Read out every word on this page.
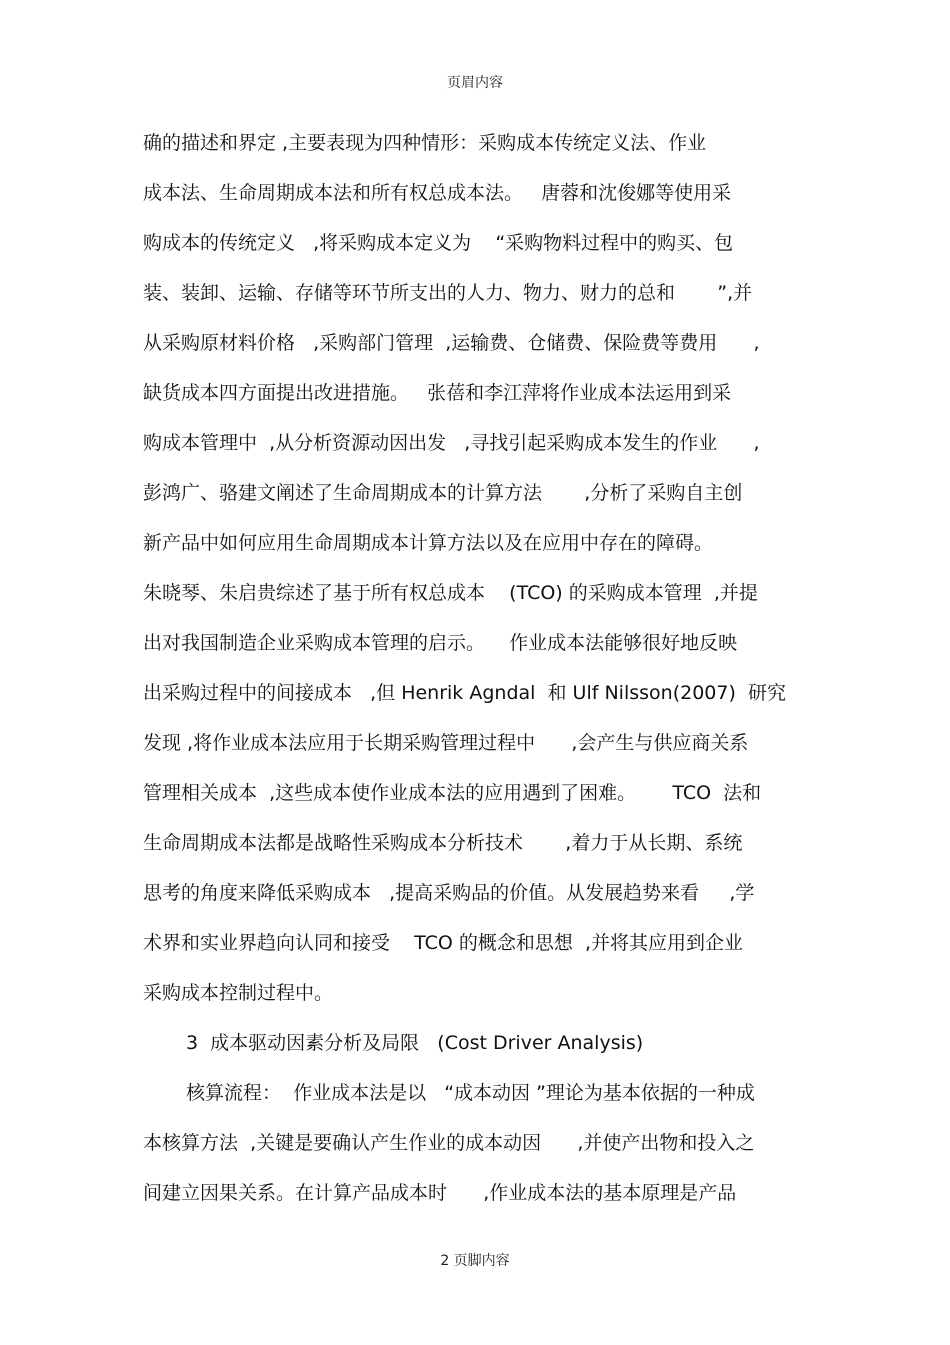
页眉内容
确的描述和界定 ,主要表现为四种情形：采购成本传统定义法、作业
成本法、生命周期成本法和所有权总成本法。   唐蓉和沈俊娜等使用采
购成本的传统定义   ,将采购成本定义为    “采购物料过程中的购买、包
装、装卸、运输、存储等环节所支出的人力、物力、财力的总和       ”,并
从采购原材料价格   ,采购部门管理  ,运输费、仓储费、保险费等费用      ,
缺货成本四方面提出改进措施。   张蓓和李江萍将作业成本法运用到采
购成本管理中  ,从分析资源动因出发   ,寻找引起采购成本发生的作业      ,
彭鸿广、骆建文阐述了生命周期成本的计算方法       ,分析了采购自主创
新产品中如何应用生命周期成本计算方法以及在应用中存在的障碍。
朱晓琴、朱启贵综述了基于所有权总成本    (TCO) 的采购成本管理  ,并提
出对我国制造企业采购成本管理的启示。    作业成本法能够很好地反映
出采购过程中的间接成本   ,但 Henrik Agndal  和 Ulf Nilsson(2007)  研究
发现 ,将作业成本法应用于长期采购管理过程中      ,会产生与供应商关系
管理相关成本  ,这些成本使作业成本法的应用遇到了困难。      TCO  法和
生命周期成本法都是战略性采购成本分析技术       ,着力于从长期、系统
思考的角度来降低采购成本   ,提高采购品的价值。从发展趋势来看     ,学
术界和实业界趋向认同和接受    TCO 的概念和思想  ,并将其应用到企业
采购成本控制过程中。
3  成本驱动因素分析及局限   (Cost Driver Analysis)
核算流程：  作业成本法是以   “成本动因 ”理论为基本依据的一种成
本核算方法  ,关键是要确认产生作业的成本动因      ,并使产出物和投入之
间建立因果关系。在计算产品成本时      ,作业成本法的基本原理是产品
2 页脚内容
